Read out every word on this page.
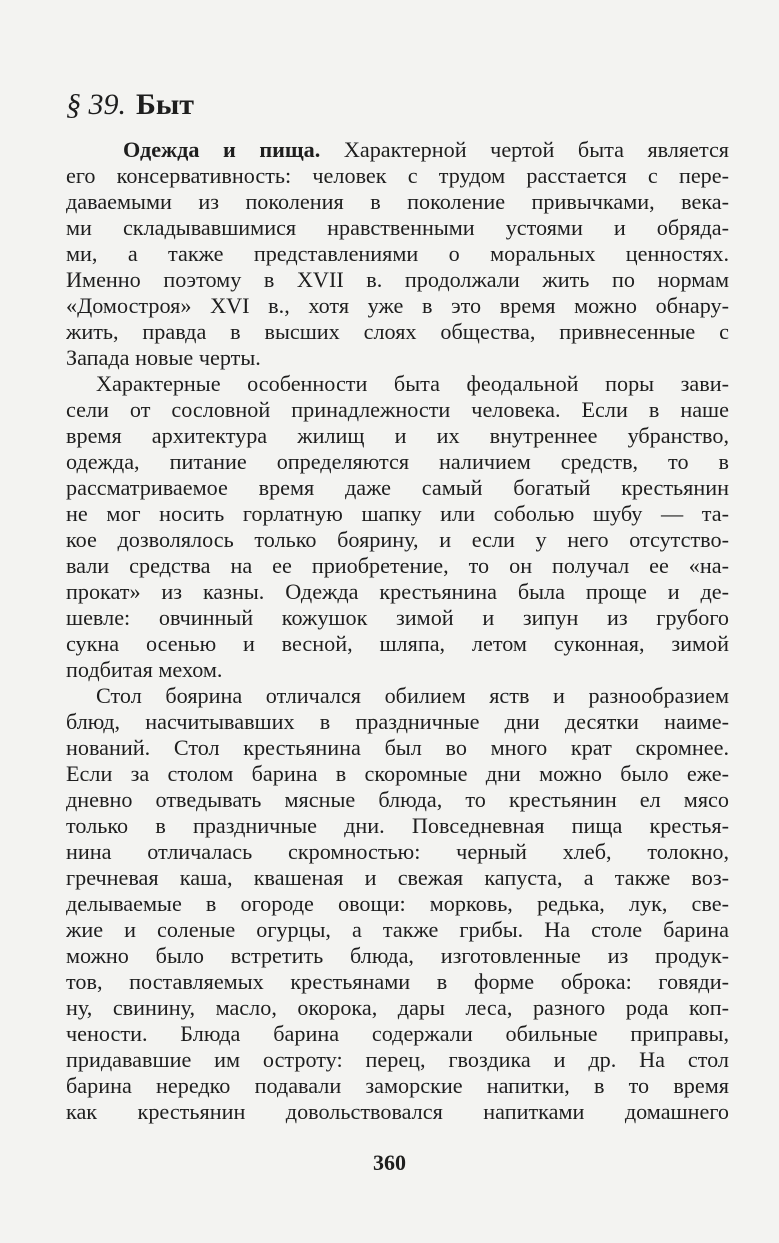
§ 39. Быт
Одежда и пища. Характерной чертой быта является
его консервативность: человек с трудом расстается с пере-
даваемыми из поколения в поколение привычками, века-
ми складывавшимися нравственными устоями и обряда-
ми, а также представлениями о моральных ценностях.
Именно поэтому в XVII в. продолжали жить по нормам
«Домостроя» XVI в., хотя уже в это время можно обнару-
жить, правда в высших слоях общества, привнесенные с
Запада новые черты.
Характерные особенности быта феодальной поры зави-
сели от сословной принадлежности человека. Если в наше
время архитектура жилищ и их внутреннее убранство,
одежда, питание определяются наличием средств, то в
рассматриваемое время даже самый богатый крестьянин
не мог носить горлатную шапку или соболью шубу — та-
кое дозволялось только боярину, и если у него отсутство-
вали средства на ее приобретение, то он получал ее «на-
прокат» из казны. Одежда крестьянина была проще и де-
шевле: овчинный кожушок зимой и зипун из грубого
сукна осенью и весной, шляпа, летом суконная, зимой
подбитая мехом.
Стол боярина отличался обилием яств и разнообразием
блюд, насчитывавших в праздничные дни десятки наиме-
нований. Стол крестьянина был во много крат скромнее.
Если за столом барина в скоромные дни можно было еже-
дневно отведывать мясные блюда, то крестьянин ел мясо
только в праздничные дни. Повседневная пища крестья-
нина отличалась скромностью: черный хлеб, толокно,
гречневая каша, квашеная и свежая капуста, а также воз-
делываемые в огороде овощи: морковь, редька, лук, све-
жие и соленые огурцы, а также грибы. На столе барина
можно было встретить блюда, изготовленные из продук-
тов, поставляемых крестьянами в форме оброка: говяди-
ну, свинину, масло, окорока, дары леса, разного рода коп-
чености. Блюда барина содержали обильные приправы,
придававшие им остроту: перец, гвоздика и др. На стол
барина нередко подавали заморские напитки, в то время
как крестьянин довольствовался напитками домашнего
360
